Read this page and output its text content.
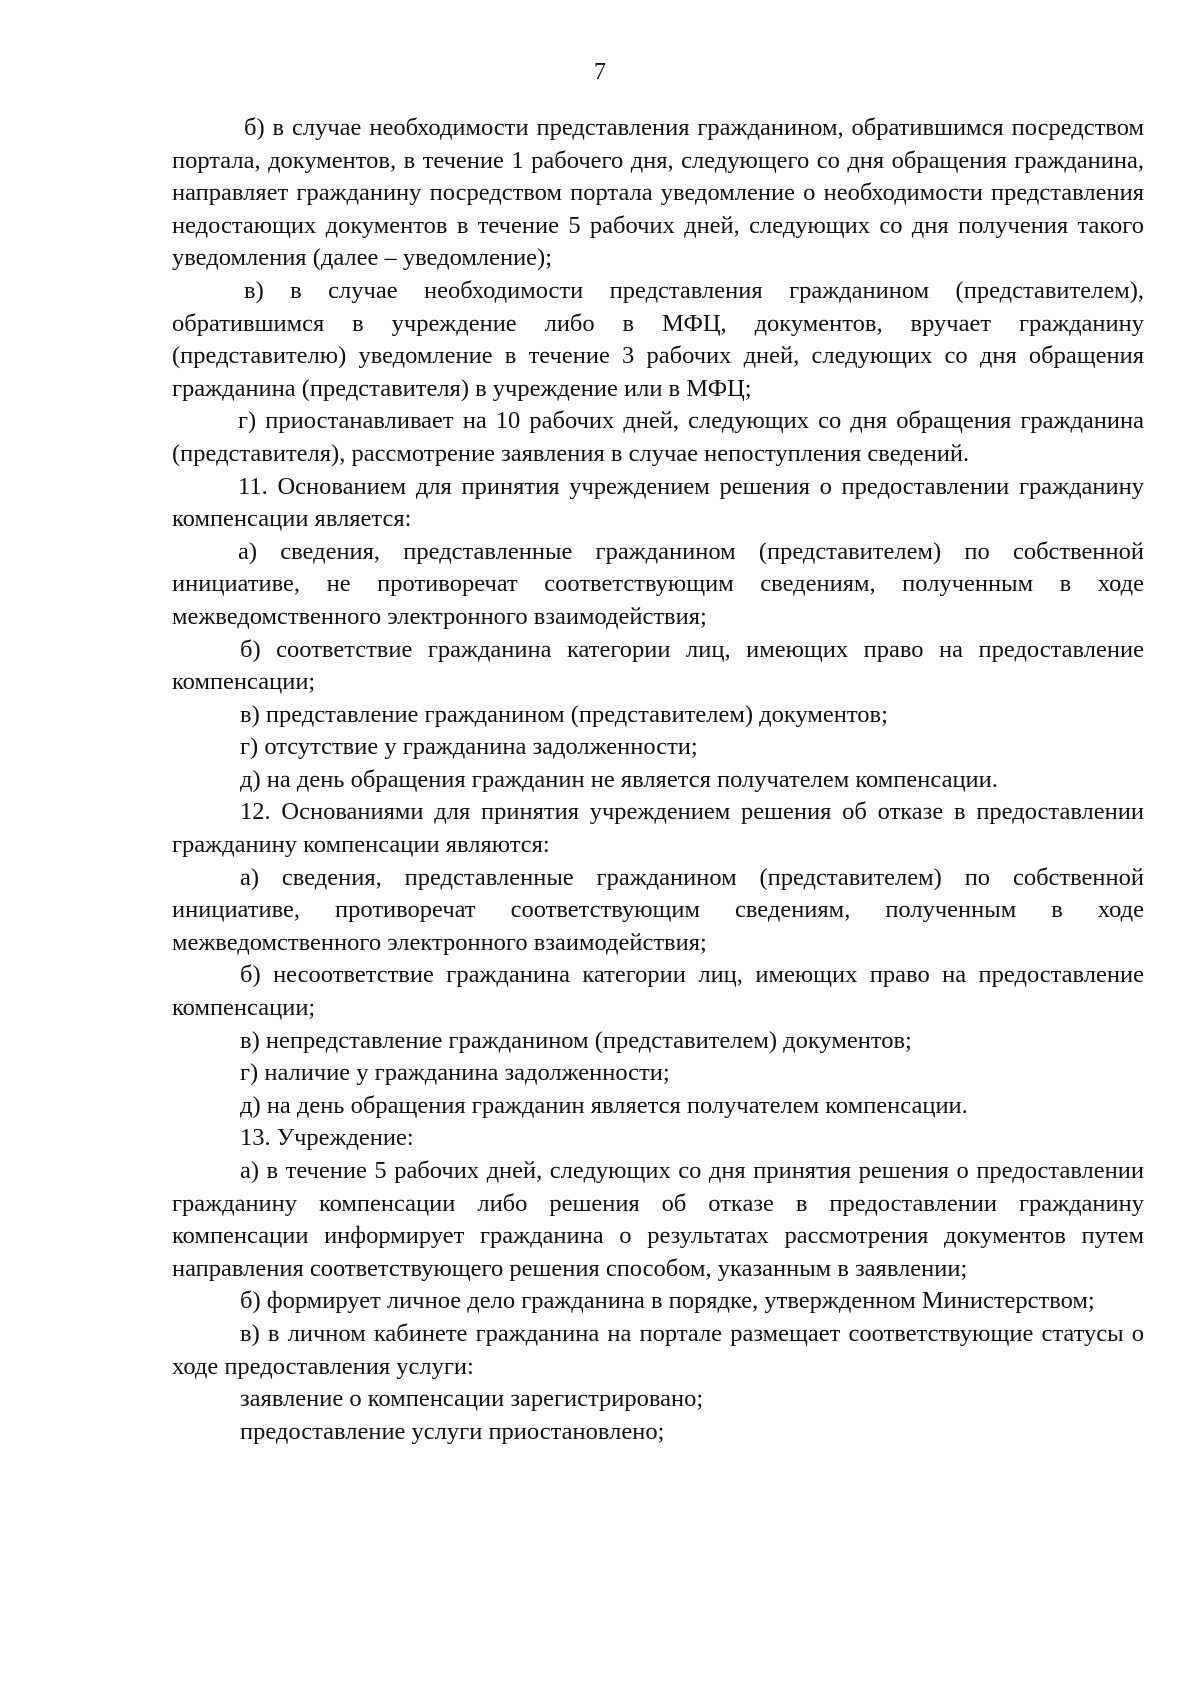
7

б) в случае необходимости представления гражданином, обратившимся посредством портала, документов, в течение 1 рабочего дня, следующего со дня обращения гражданина, направляет гражданину посредством портала уведомление о необходимости представления недостающих документов в течение 5 рабочих дней, следующих со дня получения такого уведомления (далее – уведомление);

в) в случае необходимости представления гражданином (представителем), обратившимся в учреждение либо в МФЦ, документов, вручает гражданину (представителю) уведомление в течение 3 рабочих дней, следующих со дня обращения гражданина (представителя) в учреждение или в МФЦ;

г) приостанавливает на 10 рабочих дней, следующих со дня обращения гражданина (представителя), рассмотрение заявления в случае непоступления сведений.

11. Основанием для принятия учреждением решения о предоставлении гражданину компенсации является:

а) сведения, представленные гражданином (представителем) по собственной инициативе, не противоречат соответствующим сведениям, полученным в ходе межведомственного электронного взаимодействия;

б) соответствие гражданина категории лиц, имеющих право на предоставление компенсации;

в) представление гражданином (представителем) документов;

г) отсутствие у гражданина задолженности;

д) на день обращения гражданин не является получателем компенсации.

12. Основаниями для принятия учреждением решения об отказе в предоставлении гражданину компенсации являются:

а) сведения, представленные гражданином (представителем) по собственной инициативе, противоречат соответствующим сведениям, полученным в ходе межведомственного электронного взаимодействия;

б) несоответствие гражданина категории лиц, имеющих право на предоставление компенсации;

в) непредставление гражданином (представителем) документов;

г) наличие у гражданина задолженности;

д) на день обращения гражданин является получателем компенсации.

13. Учреждение:

а) в течение 5 рабочих дней, следующих со дня принятия решения о предоставлении гражданину компенсации либо решения об отказе в предоставлении гражданину компенсации информирует гражданина о результатах рассмотрения документов путем направления соответствующего решения способом, указанным в заявлении;

б) формирует личное дело гражданина в порядке, утвержденном Министерством;

в) в личном кабинете гражданина на портале размещает соответствующие статусы о ходе предоставления услуги:

заявление о компенсации зарегистрировано;

предоставление услуги приостановлено;
